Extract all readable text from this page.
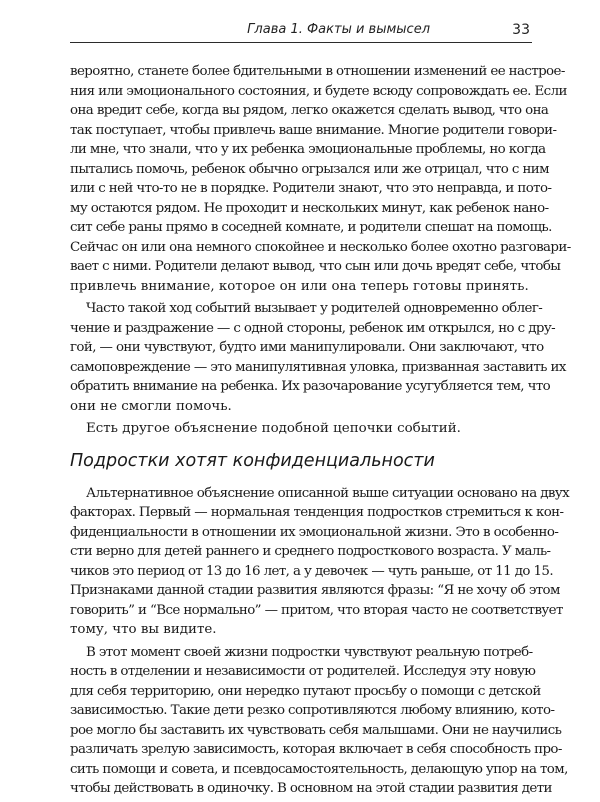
Глава 1. Факты и вымысел	33
вероятно, станете более бдительными в отношении изменений ее настрое-
ния или эмоционального состояния, и будете всюду сопровождать ее. Если
она вредит себе, когда вы рядом, легко окажется сделать вывод, что она
так поступает, чтобы привлечь ваше внимание. Многие родители говори-
ли мне, что знали, что у их ребенка эмоциональные проблемы, но когда
пытались помочь, ребенок обычно огрызался или же отрицал, что с ним
или с ней что-то не в порядке. Родители знают, что это неправда, и пото-
му остаются рядом. Не проходит и нескольких минут, как ребенок нано-
сит себе раны прямо в соседней комнате, и родители спешат на помощь.
Сейчас он или она немного спокойнее и несколько более охотно разговари-
вает с ними. Родители делают вывод, что сын или дочь вредят себе, чтобы
привлечь внимание, которое он или она теперь готовы принять.
Часто такой ход событий вызывает у родителей одновременно облег-
чение и раздражение — с одной стороны, ребенок им открылся, но с дру-
гой, — они чувствуют, будто ими манипулировали. Они заключают, что
самоповреждение — это манипулятивная уловка, призванная заставить их
обратить внимание на ребенка. Их разочарование усугубляется тем, что
они не смогли помочь.
Есть другое объяснение подобной цепочки событий.
Подростки хотят конфиденциальности
Альтернативное объяснение описанной выше ситуации основано на двух
факторах. Первый — нормальная тенденция подростков стремиться к кон-
фиденциальности в отношении их эмоциональной жизни. Это в особенно-
сти верно для детей раннего и среднего подросткового возраста. У маль-
чиков это период от 13 до 16 лет, а у девочек — чуть раньше, от 11 до 15.
Признаками данной стадии развития являются фразы: “Я не хочу об этом
говорить” и “Все нормально” — притом, что вторая часто не соответствует
тому, что вы видите.
В этот момент своей жизни подростки чувствуют реальную потреб-
ность в отделении и независимости от родителей. Исследуя эту новую
для себя территорию, они нередко путают просьбу о помощи с детской
зависимостью. Такие дети резко сопротивляются любому влиянию, кото-
рое могло бы заставить их чувствовать себя малышами. Они не научились
различать зрелую зависимость, которая включает в себя способность про-
сить помощи и совета, и псевдосамостоятельность, делающую упор на том,
чтобы действовать в одиночку. В основном на этой стадии развития дети
